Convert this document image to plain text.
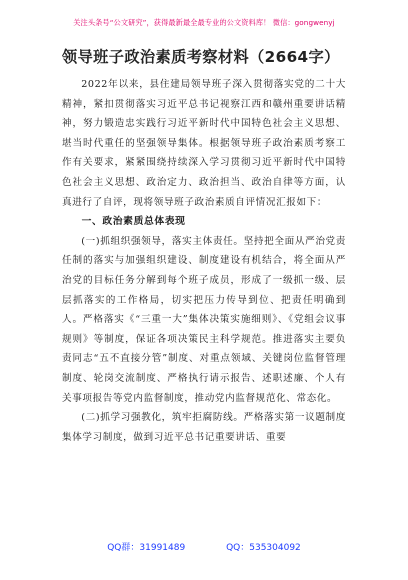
关注头条号“公文研究”，获得最新最全最专业的公文资料库！ 微信：gongwenyj
领导班子政治素质考察材料（2664字）

2022年以来，县住建局领导班子深入贯彻落实党的二十大精神，紧扣贯彻落实习近平总书记视察江西和赣州重要讲话精神，努力锻造忠实践行习近平新时代中国特色社会主义思想、堪当时代重任的坚强领导集体。根据领导班子政治素质考察工作有关要求，紧紧围绕持续深入学习贯彻习近平新时代中国特色社会主义思想、政治定力、政治担当、政治自律等方面，认真进行了自评，现将领导班子政治素质自评情况汇报如下：

一、政治素质总体表现

(一)抓组织强领导，落实主体责任。坚持把全面从严治党责任制的落实与加强组织建设、制度建设有机结合，将全面从严治党的目标任务分解到每个班子成员，形成了一级抓一级、层层抓落实的工作格局，切实把压力传导到位、把责任明确到人。严格落实《“三重一大”集体决策实施细则》、《党组会议事规则》等制度，保证各项决策民主科学规范。推进落实主要负责同志“五不直接分管”制度、对重点领域、关键岗位监督管理制度、轮岗交流制度、严格执行请示报告、述职述廉、个人有关事项报告等党内监督制度，推动党内监督规范化、常态化。

(二)抓学习强教化，筑牢拒腐防线。严格落实第一议题制度集体学习制度，做到习近平总书记重要讲话、重要

QQ群：31991489	QQ：535304092
